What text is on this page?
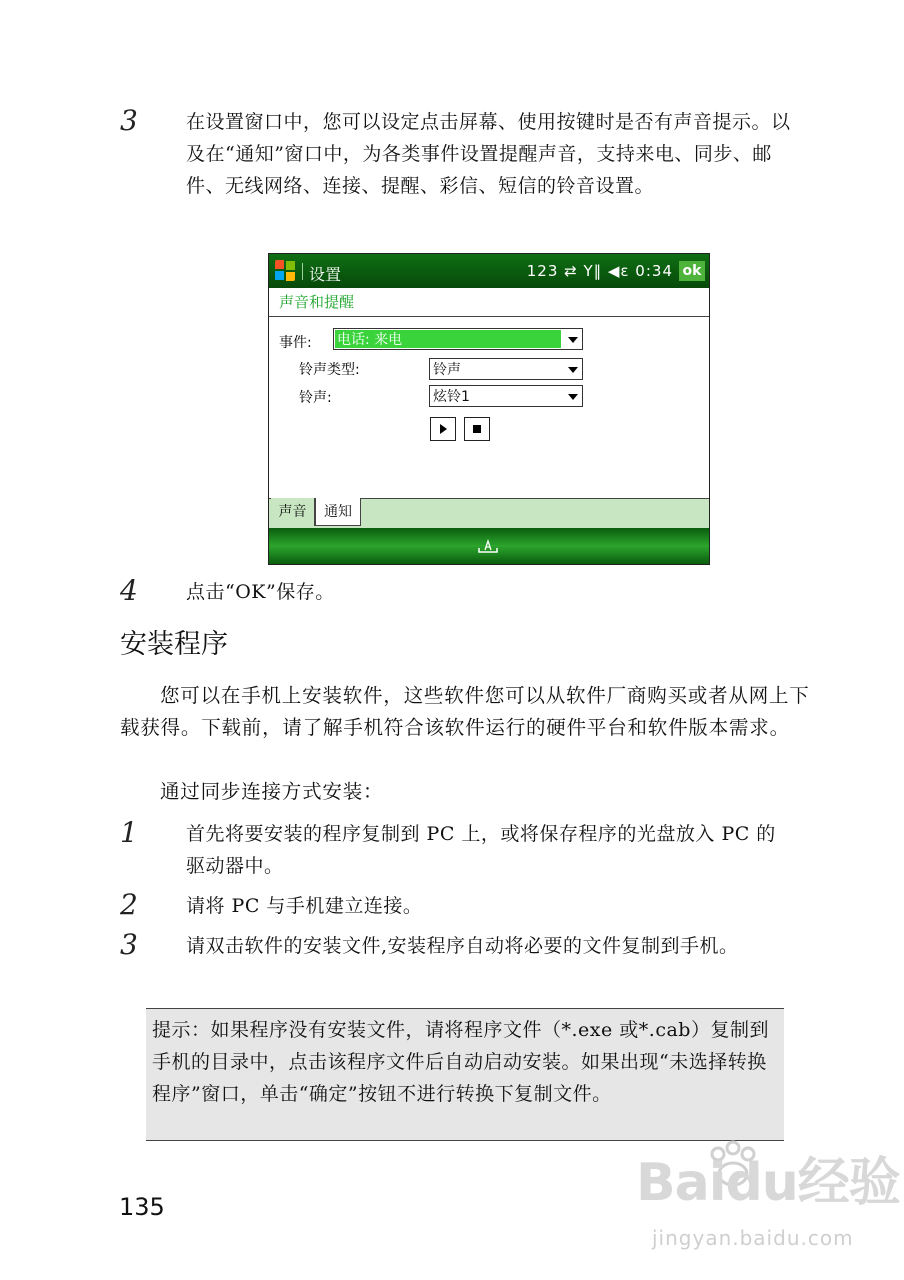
3	在设置窗口中，您可以设定点击屏幕、使用按键时是否有声音提示。以及在“通知”窗口中，为各类事件设置提醒声音，支持来电、同步、邮件、无线网络、连接、提醒、彩信、短信的铃音设置。
设置	123 ⇄ Y‖ ◀ε 0:34 ok
声音和提醒
事件: 电话: 来电
铃声类型:	铃声
铃声:	炫铃1
声音	通知
4	点击“OK”保存。
安装程序

您可以在手机上安装软件，这些软件您可以从软件厂商购买或者从网上下载获得。下载前，请了解手机符合该软件运行的硬件平台和软件版本需求。

通过同步连接方式安装：

1	首先将要安装的程序复制到 PC 上，或将保存程序的光盘放入 PC 的驱动器中。
2	请将 PC 与手机建立连接。
3	请双击软件的安装文件,安装程序自动将必要的文件复制到手机。
提示：如果程序没有安装文件，请将程序文件（*.exe 或*.cab）复制到手机的目录中，点击该程序文件后自动启动安装。如果出现“未选择转换程序”窗口，单击“确定”按钮不进行转换下复制文件。
135	Baidu经验
jingyan.baidu.com
